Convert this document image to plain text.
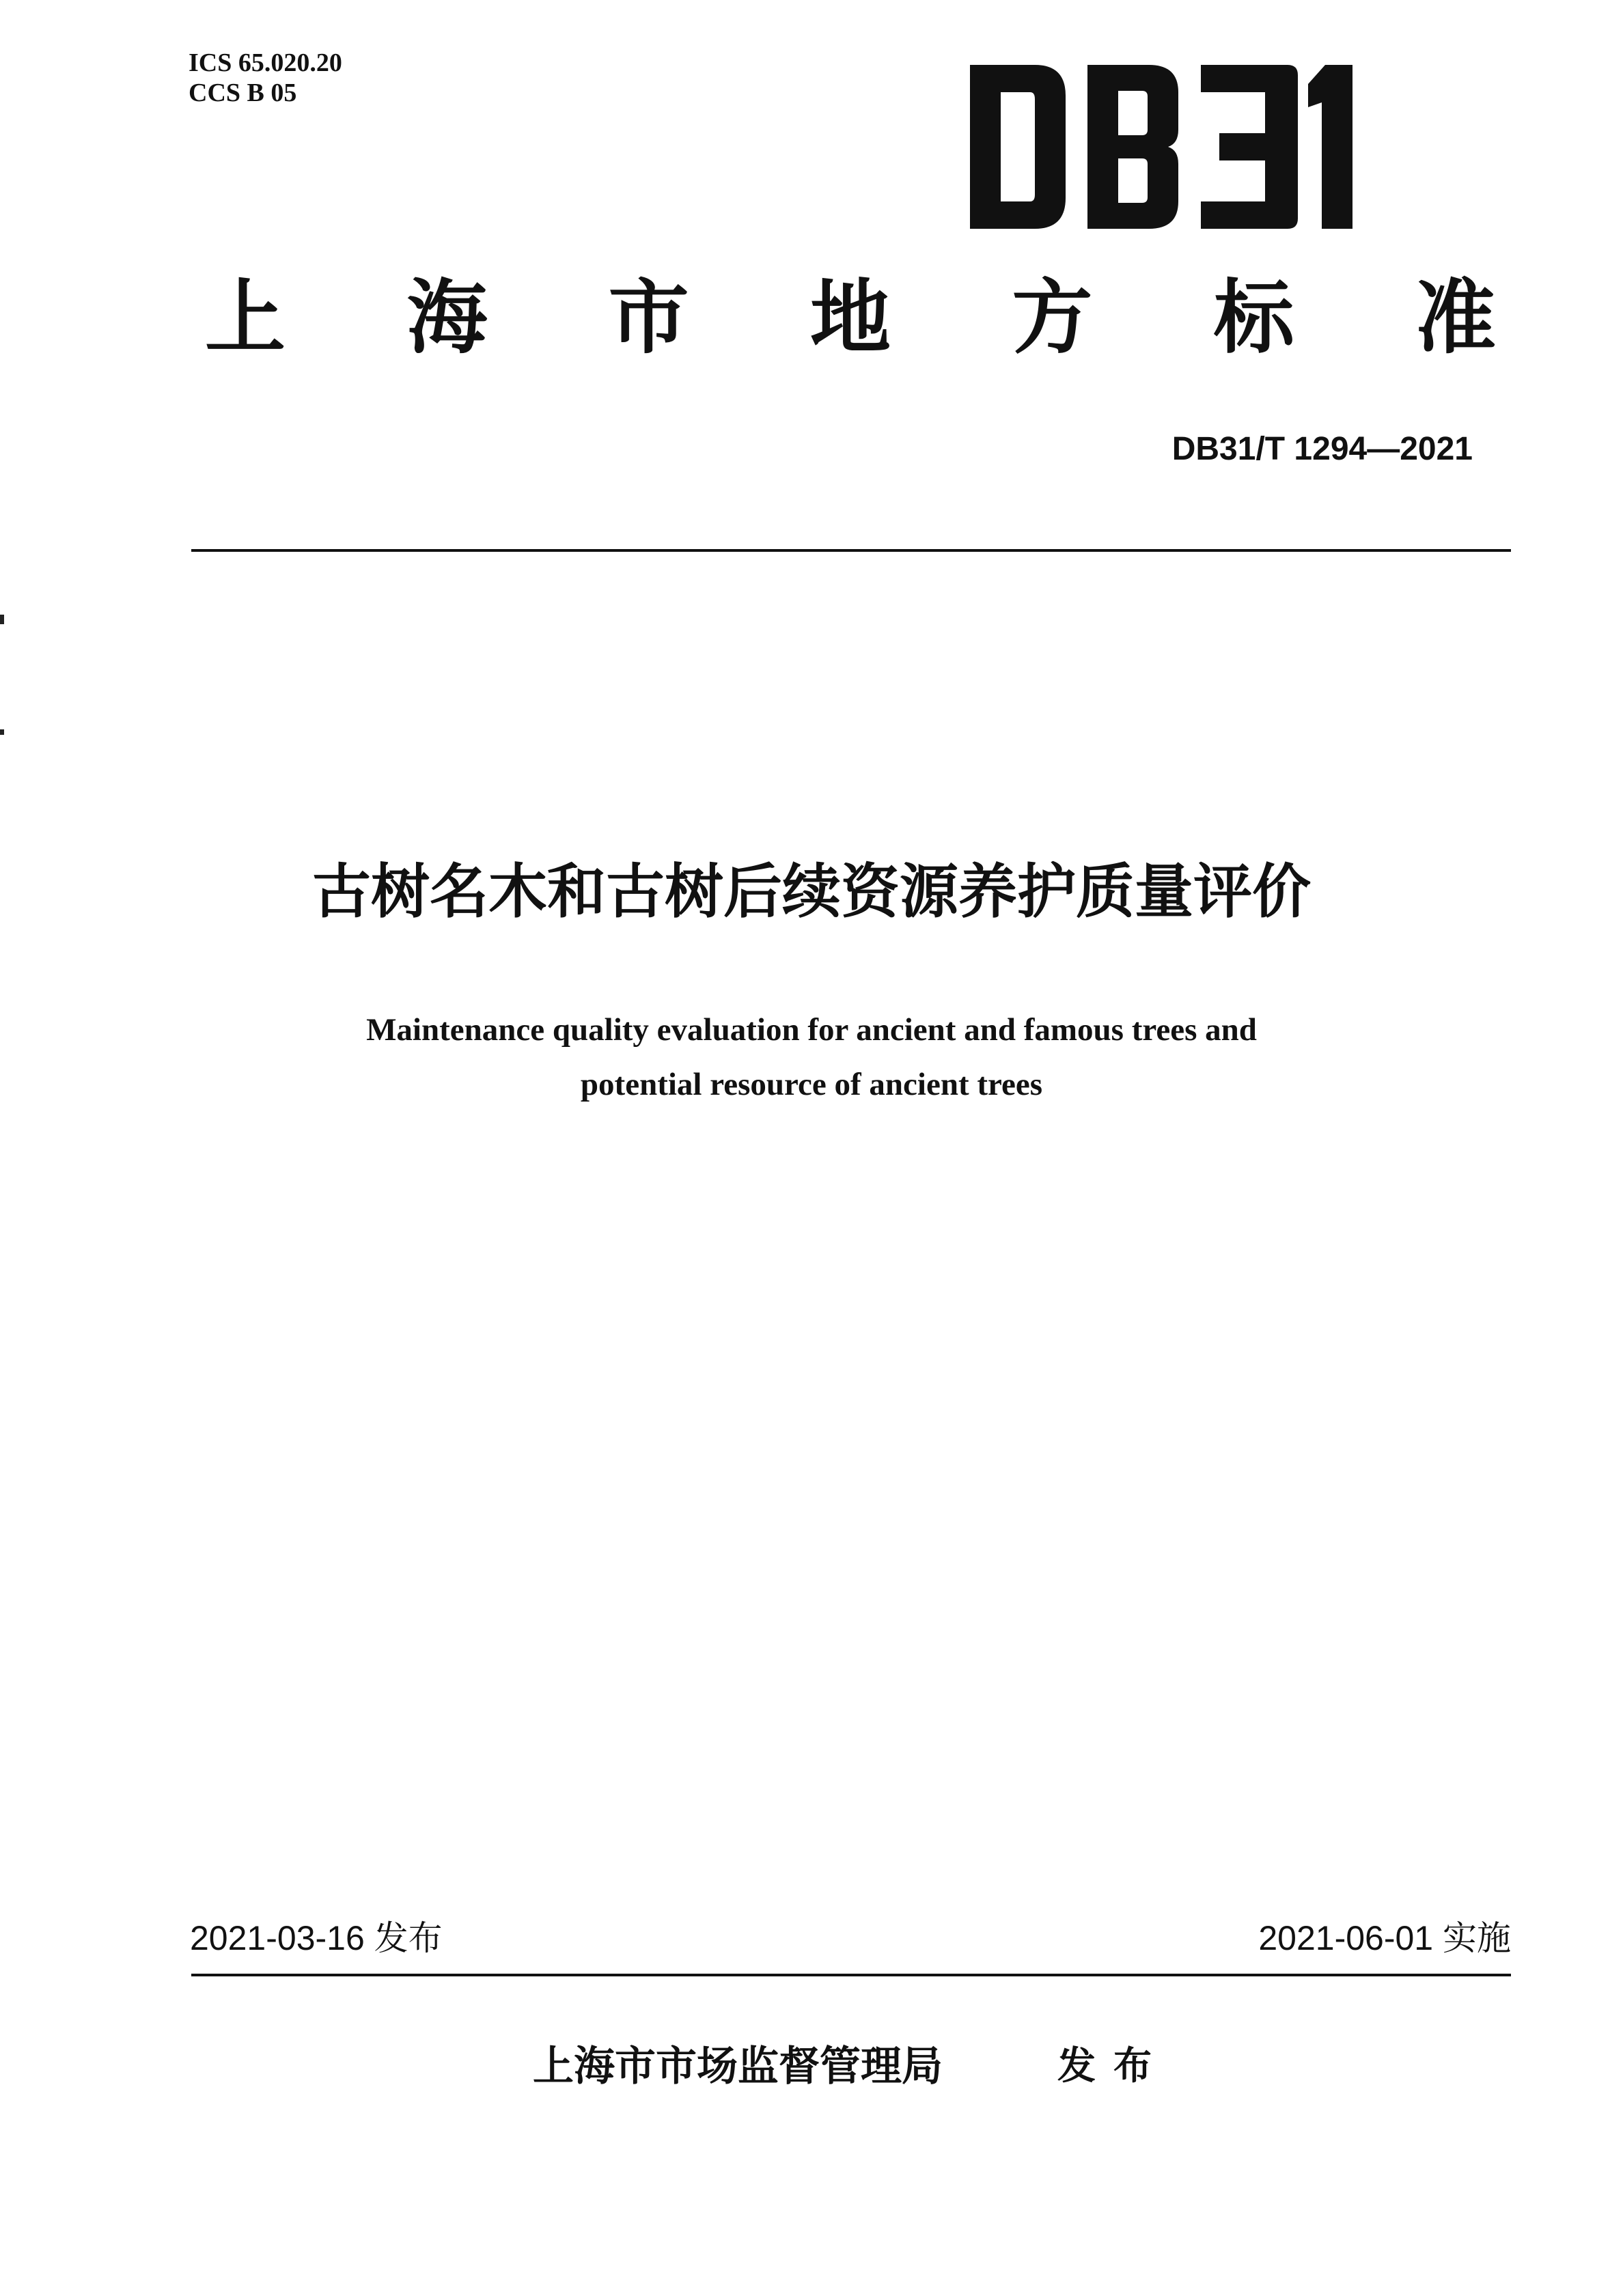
ICS 65.020.20
CCS B 05
上 海 市 地 方 标 准
DB31/T 1294—2021
古树名木和古树后续资源养护质量评价
Maintenance quality evaluation for ancient and famous trees and
potential resource of ancient trees
2021-03-16 发布	2021-06-01 实施
上海市市场监督管理局	发布
